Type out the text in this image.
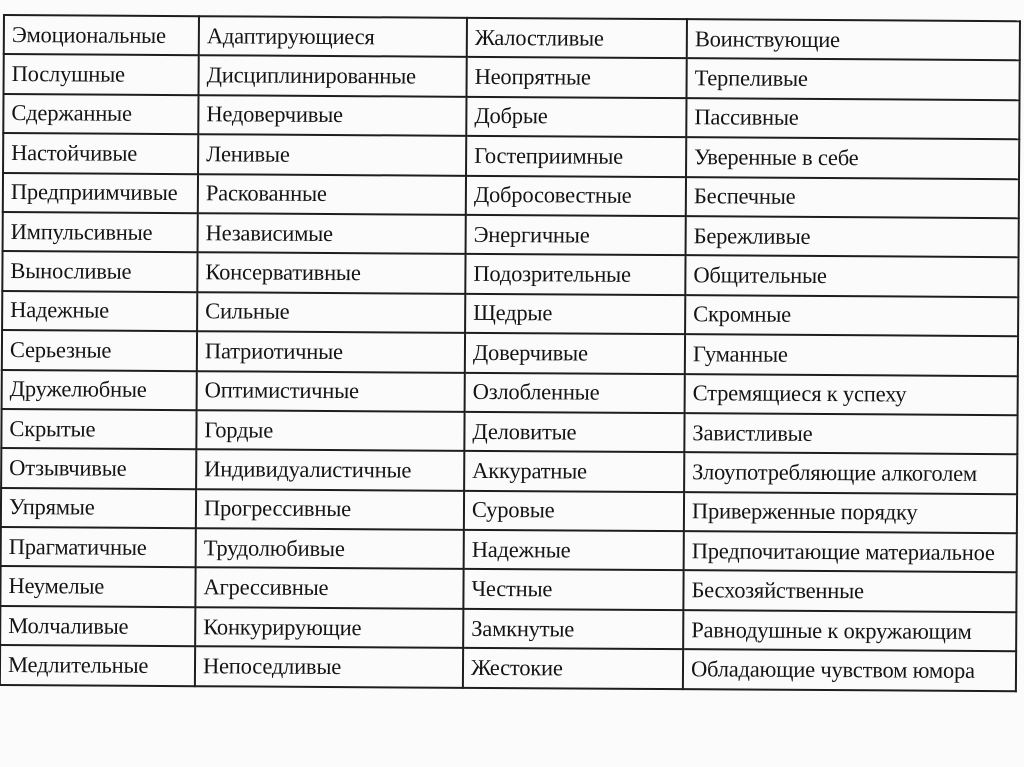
Эмоциональные	Адаптирующиеся	Жалостливые	Воинствующие
Послушные	Дисциплинированные	Неопрятные	Терпеливые
Сдержанные	Недоверчивые	Добрые	Пассивные
Настойчивые	Ленивые	Гостеприимные	Уверенные в себе
Предприимчивые	Раскованные	Добросовестные	Беспечные
Импульсивные	Независимые	Энергичные	Бережливые
Выносливые	Консервативные	Подозрительные	Общительные
Надежные	Сильные	Щедрые	Скромные
Серьезные	Патриотичные	Доверчивые	Гуманные
Дружелюбные	Оптимистичные	Озлобленные	Стремящиеся к успеху
Скрытые	Гордые	Деловитые	Завистливые
Отзывчивые	Индивидуалистичные	Аккуратные	Злоупотребляющие алкоголем
Упрямые	Прогрессивные	Суровые	Приверженные порядку
Прагматичные	Трудолюбивые	Надежные	Предпочитающие материальное
Неумелые	Агрессивные	Честные	Бесхозяйственные
Молчаливые	Конкурирующие	Замкнутые	Равнодушные к окружающим
Медлительные	Непоседливые	Жестокие	Обладающие чувством юмора
